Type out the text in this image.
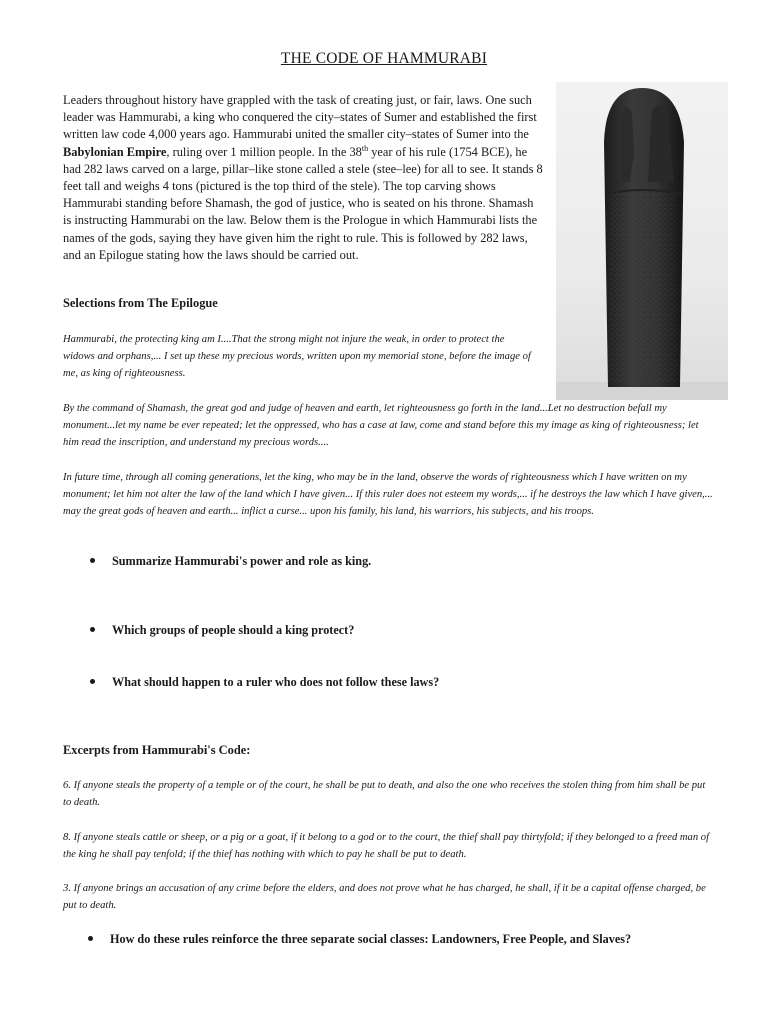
THE CODE OF HAMMURABI

Leaders throughout history have grappled with the task of creating just, or fair, laws. One such leader was Hammurabi, a king who conquered the city–states of Sumer and established the first written law code 4,000 years ago. Hammurabi united the smaller city–states of Sumer into the Babylonian Empire, ruling over 1 million people. In the 38th year of his rule (1754 BCE), he had 282 laws carved on a large, pillar–like stone called a stele (stee–lee) for all to see. It stands 8 feet tall and weighs 4 tons (pictured is the top third of the stele). The top carving shows Hammurabi standing before Shamash, the god of justice, who is seated on his throne. Shamash is instructing Hammurabi on the law. Below them is the Prologue in which Hammurabi lists the names of the gods, saying they have given him the right to rule. This is followed by 282 laws, and an Epilogue stating how the laws should be carried out.

Selections from The Epilogue

Hammurabi, the protecting king am I....That the strong might not injure the weak, in order to protect the widows and orphans,... I set up these my precious words, written upon my memorial stone, before the image of me, as king of righteousness.

By the command of Shamash, the great god and judge of heaven and earth, let righteousness go forth in the land...Let no destruction befall my monument...let my name be ever repeated; let the oppressed, who has a case at law, come and stand before this my image as king of righteousness; let him read the inscription, and understand my precious words....

In future time, through all coming generations, let the king, who may be in the land, observe the words of righteousness which I have written on my monument; let him not alter the law of the land which I have given... If this ruler does not esteem my words,... if he destroys the law which I have given,... may the great gods of heaven and earth... inflict a curse... upon his family, his land, his warriors, his subjects, and his troops.

Summarize Hammurabi's power and role as king.

Which groups of people should a king protect?

What should happen to a ruler who does not follow these laws?

Excerpts from Hammurabi's Code:

6. If anyone steals the property of a temple or of the court, he shall be put to death, and also the one who receives the stolen thing from him shall be put to death.

8. If anyone steals cattle or sheep, or a pig or a goat, if it belong to a god or to the court, the thief shall pay thirtyfold; if they belonged to a freed man of the king he shall pay tenfold; if the thief has nothing with which to pay he shall be put to death.

3. If anyone brings an accusation of any crime before the elders, and does not prove what he has charged, he shall, if it be a capital offense charged, be put to death.

How do these rules reinforce the three separate social classes: Landowners, Free People, and Slaves?
